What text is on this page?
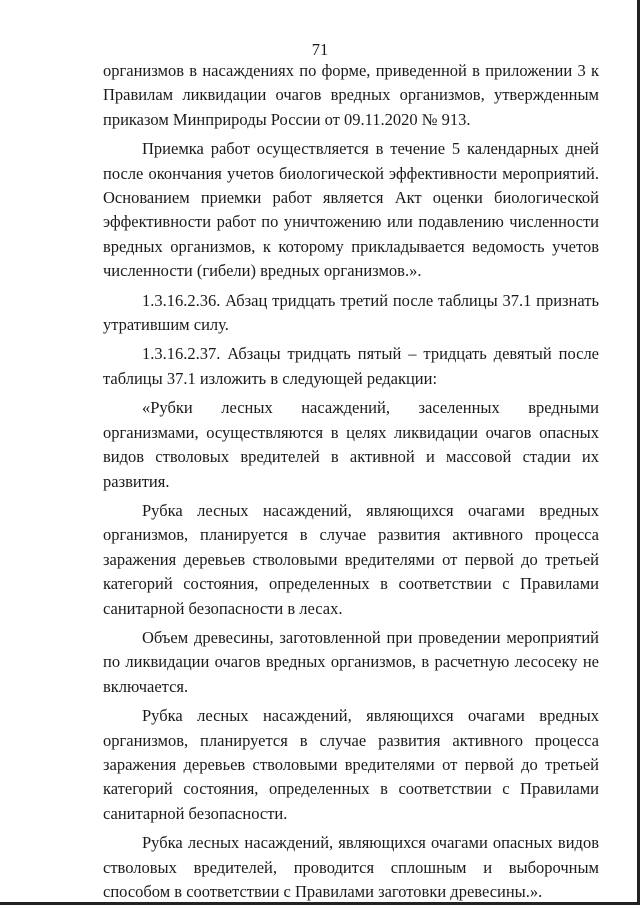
71

организмов в насаждениях по форме, приведенной в приложении 3 к Правилам ликвидации очагов вредных организмов, утвержденным приказом Минприроды России от 09.11.2020 № 913.

Приемка работ осуществляется в течение 5 календарных дней после окончания учетов биологической эффективности мероприятий. Основанием приемки работ является Акт оценки биологической эффективности работ по уничтожению или подавлению численности вредных организмов, к которому прикладывается ведомость учетов численности (гибели) вредных организмов.».

1.3.16.2.36. Абзац тридцать третий после таблицы 37.1 признать утратившим силу.

1.3.16.2.37. Абзацы тридцать пятый – тридцать девятый после таблицы 37.1 изложить в следующей редакции:

«Рубки лесных насаждений, заселенных вредными организмами, осуществляются в целях ликвидации очагов опасных видов стволовых вредителей в активной и массовой стадии их развития.

Рубка лесных насаждений, являющихся очагами вредных организмов, планируется в случае развития активного процесса заражения деревьев стволовыми вредителями от первой до третьей категорий состояния, определенных в соответствии с Правилами санитарной безопасности в лесах.

Объем древесины, заготовленной при проведении мероприятий по ликвидации очагов вредных организмов, в расчетную лесосеку не включается.

Рубка лесных насаждений, являющихся очагами вредных организмов, планируется в случае развития активного процесса заражения деревьев стволовыми вредителями от первой до третьей категорий состояния, определенных в соответствии с Правилами санитарной безопасности.

Рубка лесных насаждений, являющихся очагами опасных видов стволовых вредителей, проводится сплошным и выборочным способом в соответствии с Правилами заготовки древесины.».
